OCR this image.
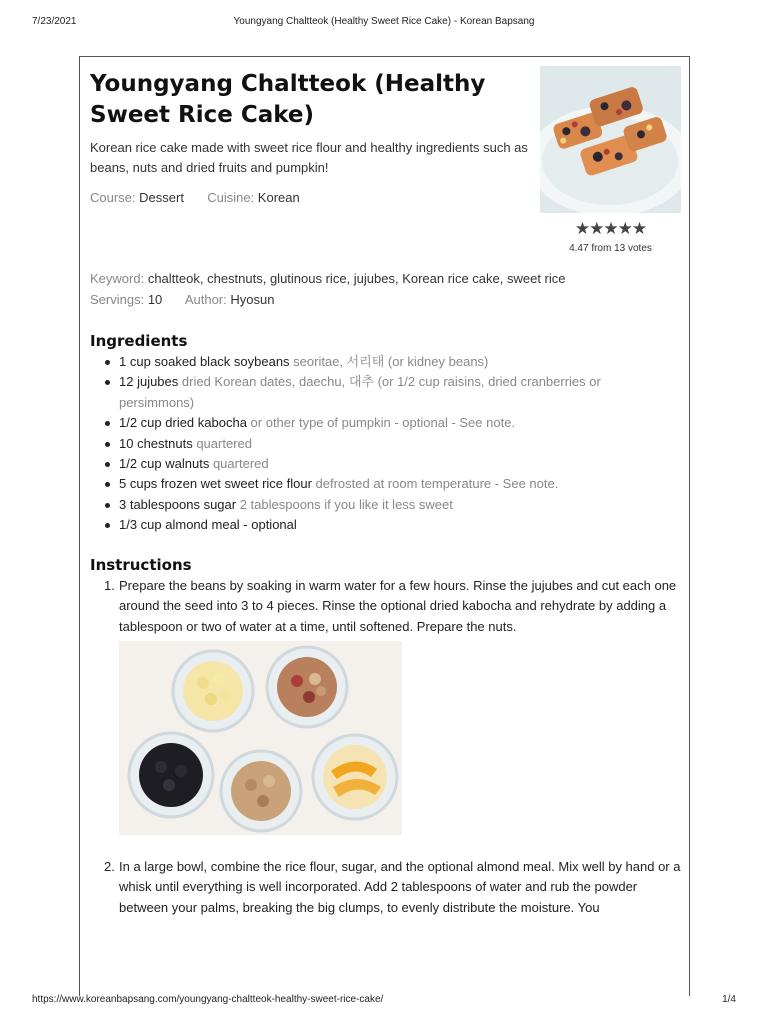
7/23/2021	Youngyang Chaltteok (Healthy Sweet Rice Cake) - Korean Bapsang
Youngyang Chaltteok (Healthy Sweet Rice Cake)

Korean rice cake made with sweet rice flour and healthy ingredients such as beans, nuts and dried fruits and pumpkin!

Course: Dessert Cuisine: Korean
★★★★★
4.47 from 13 votes
Keyword: chaltteok, chestnuts, glutinous rice, jujubes, Korean rice cake, sweet rice
Servings: 10 Author: Hyosun
Ingredients
1 cup soaked black soybeans seoritae, 서리태 (or kidney beans)
12 jujubes dried Korean dates, daechu, 대추 (or 1/2 cup raisins, dried cranberries or persimmons)
1/2 cup dried kabocha or other type of pumpkin - optional - See note.
10 chestnuts quartered
1/2 cup walnuts quartered
5 cups frozen wet sweet rice flour defrosted at room temperature - See note.
3 tablespoons sugar 2 tablespoons if you like it less sweet
1/3 cup almond meal - optional
Instructions
1. Prepare the beans by soaking in warm water for a few hours. Rinse the jujubes and cut each one around the seed into 3 to 4 pieces. Rinse the optional dried kabocha and rehydrate by adding a tablespoon or two of water at a time, until softened. Prepare the nuts.
2. In a large bowl, combine the rice flour, sugar, and the optional almond meal. Mix well by hand or a whisk until everything is well incorporated. Add 2 tablespoons of water and rub the powder between your palms, breaking the big clumps, to evenly distribute the moisture. You
https://www.koreanbapsang.com/youngyang-chaltteok-healthy-sweet-rice-cake/	1/4
